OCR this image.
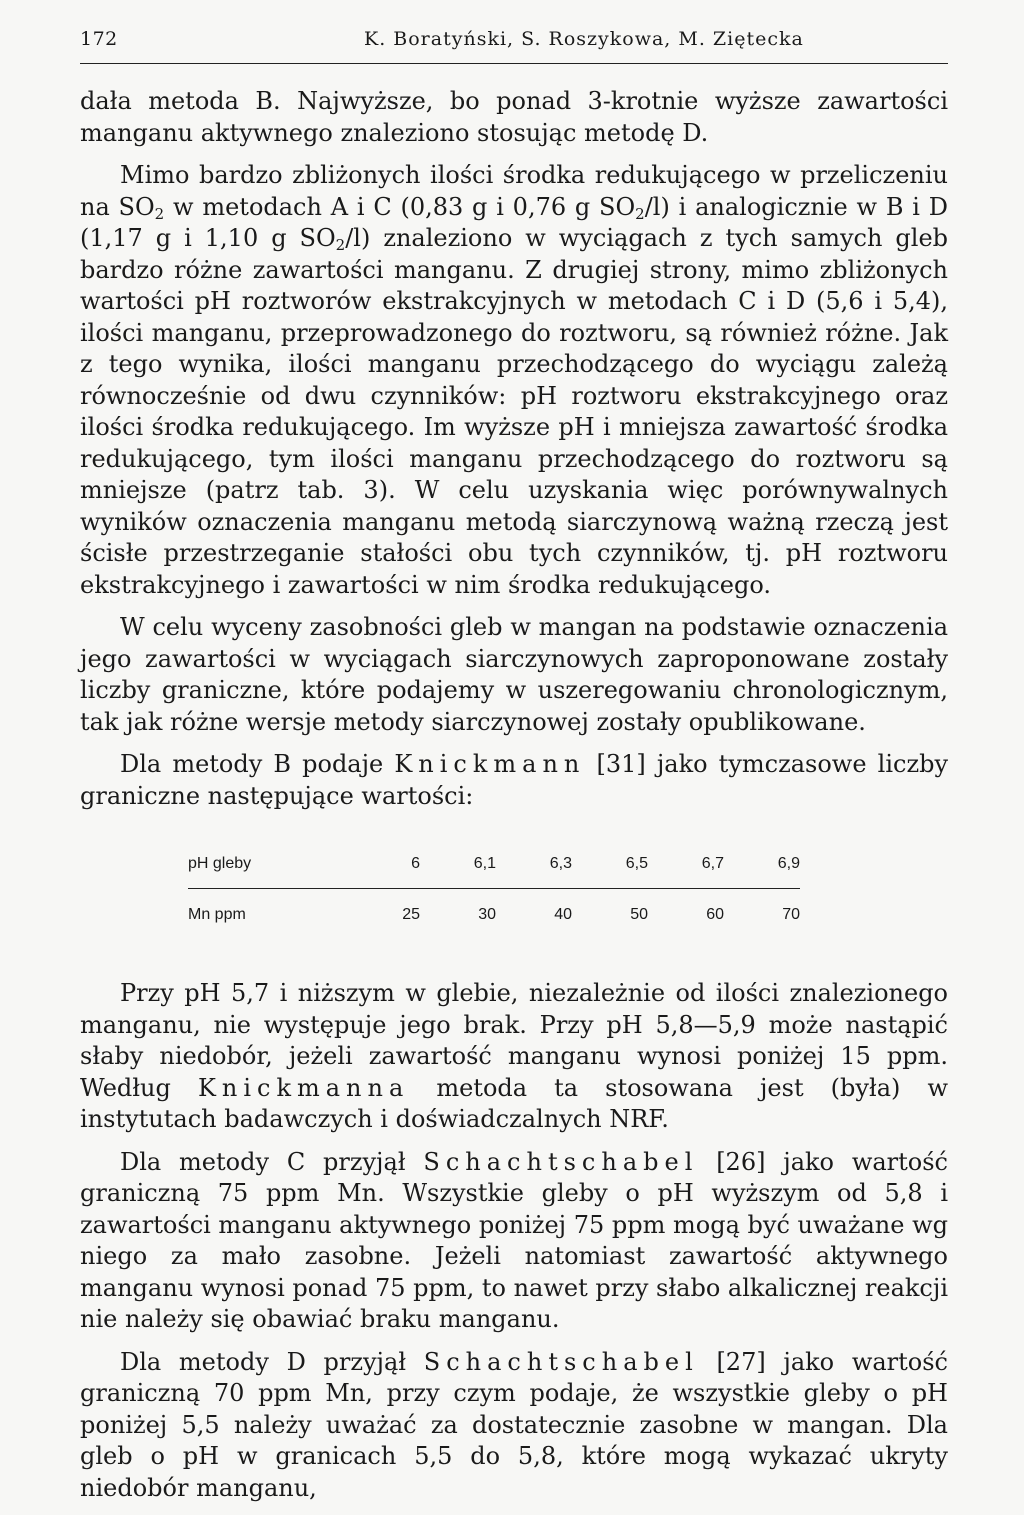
172	K. Boratyński, S. Roszykowa, M. Ziętecka

dała metoda B. Najwyższe, bo ponad 3-krotnie wyższe zawartości manganu aktywnego znaleziono stosując metodę D.

Mimo bardzo zbliżonych ilości środka redukującego w przeliczeniu na $SO_2$ w metodach A i C (0,83 g i 0,76 g $SO_2/l$) i analogicznie w B i D (1,17 g i 1,10 g $SO_2/l$) znaleziono w wyciągach z tych samych gleb bardzo różne zawartości manganu. Z drugiej strony, mimo zbliżonych wartości pH roztworów ekstrakcyjnych w metodach C i D (5,6 i 5,4), ilości manganu, przeprowadzonego do roztworu, są również różne. Jak z tego wynika, ilości manganu przechodzącego do wyciągu zależą równocześnie od dwu czynników: pH roztworu ekstrakcyjnego oraz ilości środka redukującego. Im wyższe pH i mniejsza zawartość środka redukującego, tym ilości manganu przechodzącego do roztworu są mniejsze (patrz tab. 3). W celu uzyskania więc porównywalnych wyników oznaczenia manganu metodą siarczynową ważną rzeczą jest ścisłe przestrzeganie stałości obu tych czynników, tj. pH roztworu ekstrakcyjnego i zawartości w nim środka redukującego.

W celu wyceny zasobności gleb w mangan na podstawie oznaczenia jego zawartości w wyciągach siarczynowych zaproponowane zostały liczby graniczne, które podajemy w uszeregowaniu chronologicznym, tak jak różne wersje metody siarczynowej zostały opublikowane.

Dla metody B podaje Knickmann [31] jako tymczasowe liczby graniczne następujące wartości:

pH gleby	6	6,1	6,3	6,5	6,7	6,9
Mn ppm	25	30	40	50	60	70

Przy pH 5,7 i niższym w glebie, niezależnie od ilości znalezionego manganu, nie występuje jego brak. Przy pH 5,8—5,9 może nastąpić słaby niedobór, jeżeli zawartość manganu wynosi poniżej 15 ppm. Według Knickmanna metoda ta stosowana jest (była) w instytutach badawczych i doświadczalnych NRF.

Dla metody C przyjął Schachtschabel [26] jako wartość graniczną 75 ppm Mn. Wszystkie gleby o pH wyższym od 5,8 i zawartości manganu aktywnego poniżej 75 ppm mogą być uważane wg niego za mało zasobne. Jeżeli natomiast zawartość aktywnego manganu wynosi ponad 75 ppm, to nawet przy słabo alkalicznej reakcji nie należy się obawiać braku manganu.

Dla metody D przyjął Schachtschabel [27] jako wartość graniczną 70 ppm Mn, przy czym podaje, że wszystkie gleby o pH poniżej 5,5 należy uważać za dostatecznie zasobne w mangan. Dla gleb o pH w granicach 5,5 do 5,8, które mogą wykazać ukryty niedobór manganu,
